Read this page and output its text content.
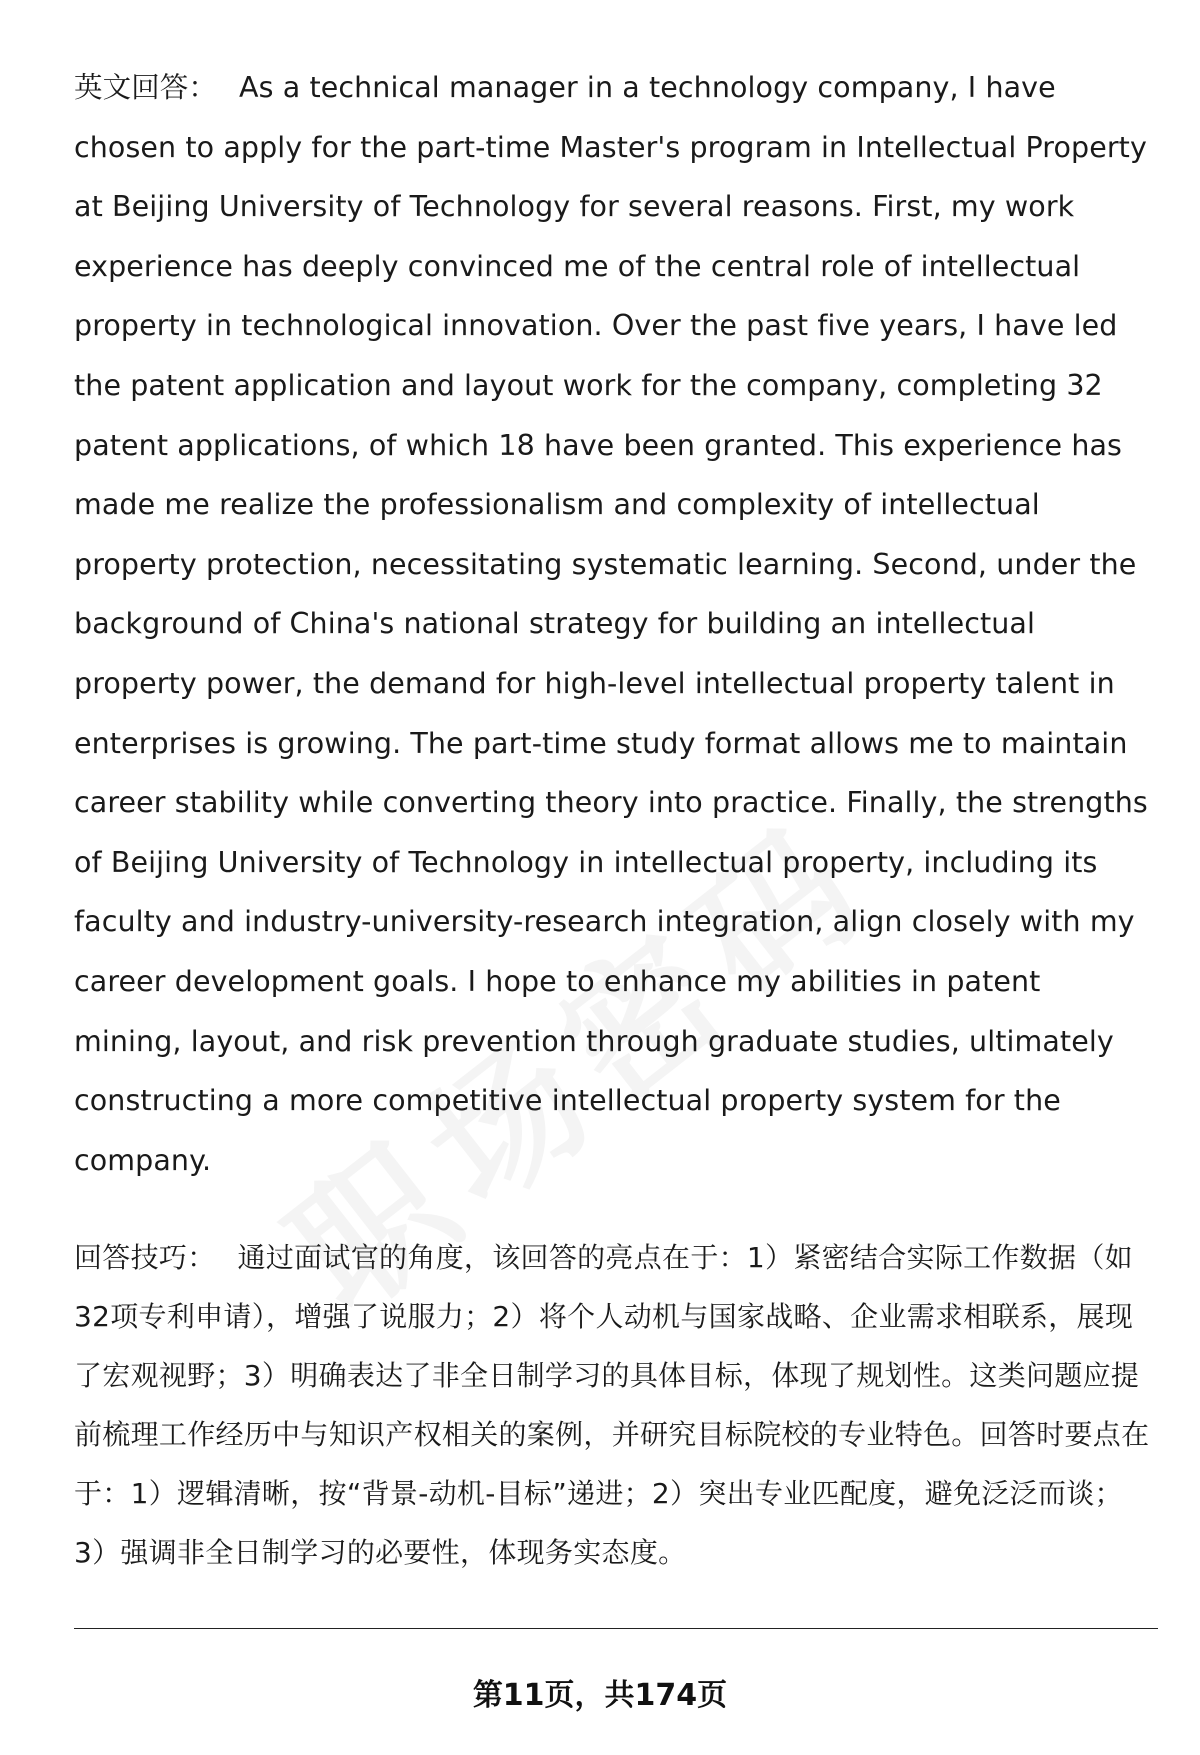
英文回答： As a technical manager in a technology company, I have chosen to apply for the part-time Master's program in Intellectual Property at Beijing University of Technology for several reasons. First, my work experience has deeply convinced me of the central role of intellectual property in technological innovation. Over the past five years, I have led the patent application and layout work for the company, completing 32 patent applications, of which 18 have been granted. This experience has made me realize the professionalism and complexity of intellectual property protection, necessitating systematic learning. Second, under the background of China's national strategy for building an intellectual property power, the demand for high-level intellectual property talent in enterprises is growing. The part-time study format allows me to maintain career stability while converting theory into practice. Finally, the strengths of Beijing University of Technology in intellectual property, including its faculty and industry-university-research integration, align closely with my career development goals. I hope to enhance my abilities in patent mining, layout, and risk prevention through graduate studies, ultimately constructing a more competitive intellectual property system for the company.

回答技巧： 通过面试官的角度，该回答的亮点在于：1）紧密结合实际工作数据（如32项专利申请），增强了说服力；2）将个人动机与国家战略、企业需求相联系，展现了宏观视野；3）明确表达了非全日制学习的具体目标，体现了规划性。这类问题应提前梳理工作经历中与知识产权相关的案例，并研究目标院校的专业特色。回答时要点在于：1）逻辑清晰，按“背景-动机-目标”递进；2）突出专业匹配度，避免泛泛而谈；3）强调非全日制学习的必要性，体现务实态度。

第11页，共174页
